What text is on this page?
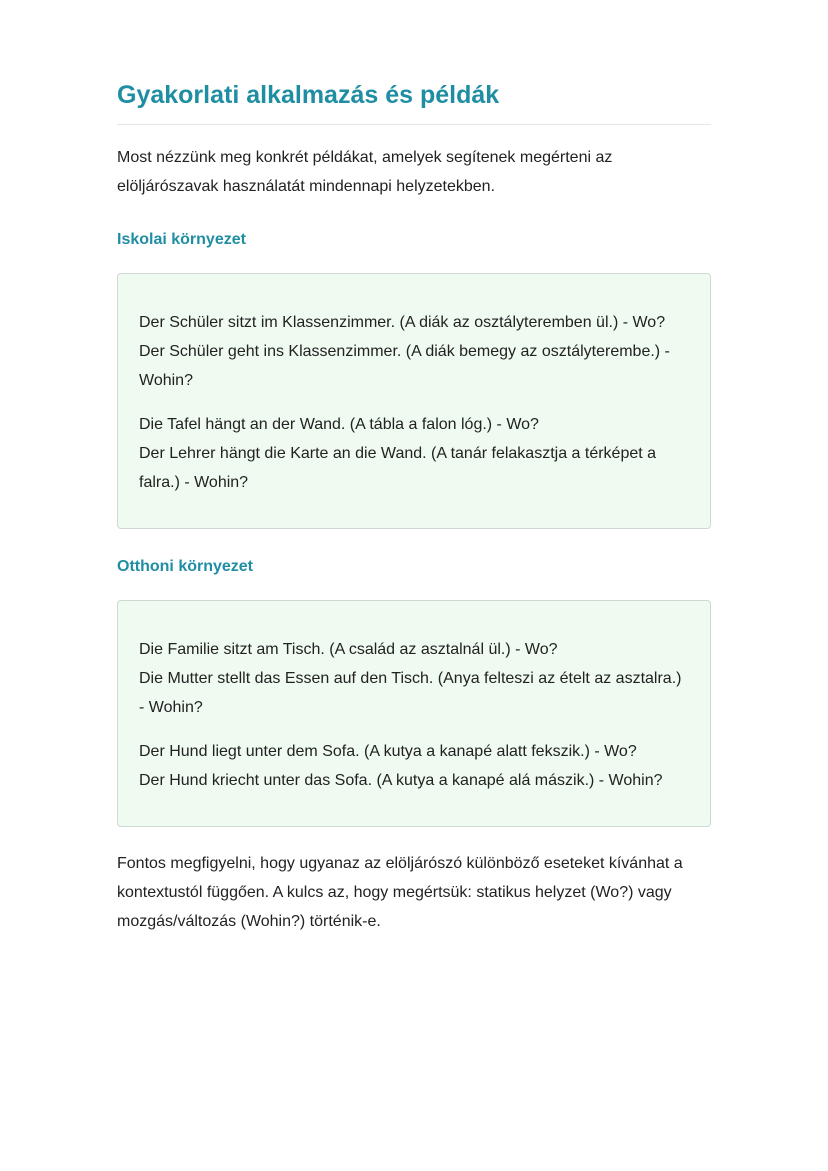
Gyakorlati alkalmazás és példák

Most nézzünk meg konkrét példákat, amelyek segítenek megérteni az elöljárószavak használatát mindennapi helyzetekben.

Iskolai környezet

Der Schüler sitzt im Klassenzimmer. (A diák az osztályteremben ül.) - Wo?
Der Schüler geht ins Klassenzimmer. (A diák bemegy az osztályterembe.) - Wohin?

Die Tafel hängt an der Wand. (A tábla a falon lóg.) - Wo?
Der Lehrer hängt die Karte an die Wand. (A tanár felakasztja a térképet a falra.) - Wohin?

Otthoni környezet

Die Familie sitzt am Tisch. (A család az asztalnál ül.) - Wo?
Die Mutter stellt das Essen auf den Tisch. (Anya felteszi az ételt az asztalra.) - Wohin?

Der Hund liegt unter dem Sofa. (A kutya a kanapé alatt fekszik.) - Wo?
Der Hund kriecht unter das Sofa. (A kutya a kanapé alá mászik.) - Wohin?

Fontos megfigyelni, hogy ugyanaz az elöljárószó különböző eseteket kívánhat a kontextustól függően. A kulcs az, hogy megértsük: statikus helyzet (Wo?) vagy mozgás/változás (Wohin?) történik-e.
